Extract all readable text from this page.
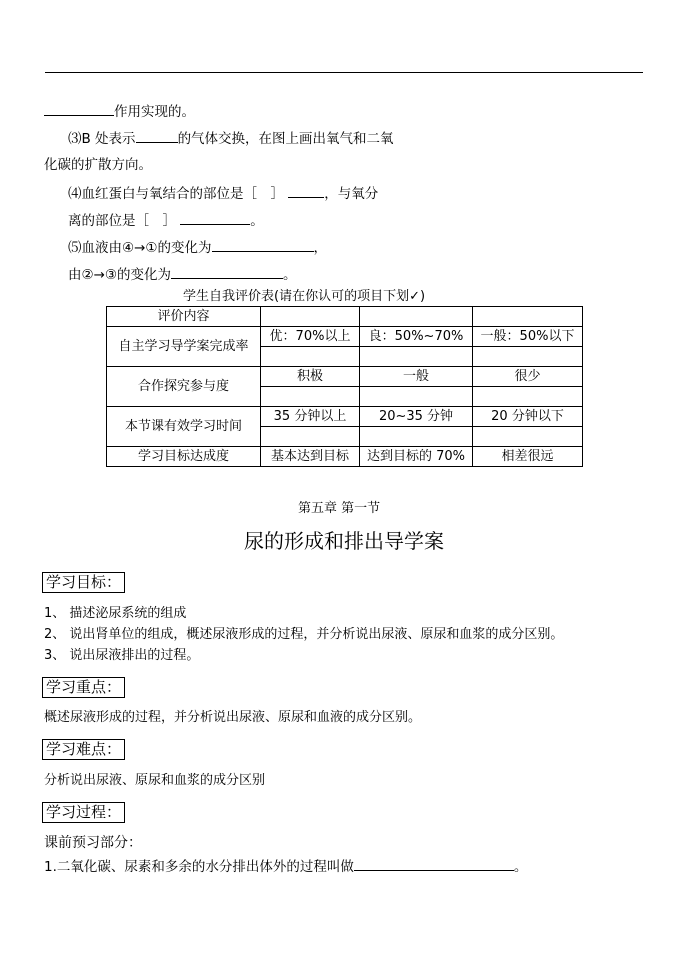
作用实现的。
⑶B 处表示	的气体交换，在图上画出氧气和二氧
化碳的扩散方向。
⑷血红蛋白与氧结合的部位是［　］	，与氧分
离的部位是［　］	。
⑸血液由④→①的变化为	，
由②→③的变化为	。
学生自我评价表(请在你认可的项目下划✓)
评价内容			
自主学习导学案完成率	优：70%以上	良：50%~70%	一般：50%以下

合作探究参与度	积极	一般	很少

本节课有效学习时间	35 分钟以上	20~35 分钟	20 分钟以下

学习目标达成度	基本达到目标	达到目标的 70%	相差很远
第五章 第一节
尿的形成和排出导学案
学习目标：
1、 描述泌尿系统的组成
2、 说出肾单位的组成，概述尿液形成的过程，并分析说出尿液、原尿和血浆的成分区别。
3、 说出尿液排出的过程。
学习重点：
概述尿液形成的过程，并分析说出尿液、原尿和血液的成分区别。
学习难点：
分析说出尿液、原尿和血浆的成分区别
学习过程：
课前预习部分：
1.二氧化碳、尿素和多余的水分排出体外的过程叫做	。
